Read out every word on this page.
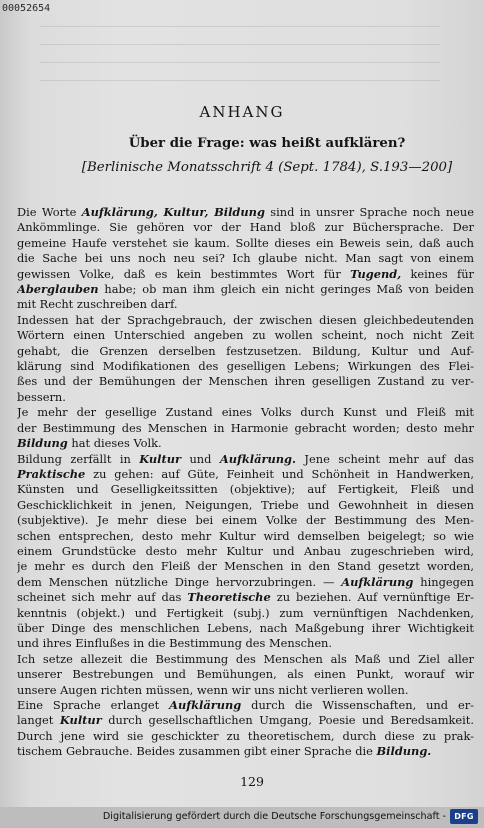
00052654
ANHANG
Über die Frage: was heißt aufklären?

[Berlinische Monatsschrift 4 (Sept. 1784), S.193—200]

Die Worte Aufklärung, Kultur, Bildung sind in unsrer Sprache noch neue
Ankömmlinge. Sie gehören vor der Hand bloß zur Büchersprache. Der
gemeine Haufe verstehet sie kaum. Sollte dieses ein Beweis sein, daß auch
die Sache bei uns noch neu sei? Ich glaube nicht. Man sagt von einem
gewissen Volke, daß es kein bestimmtes Wort für Tugend, keines für
Aberglauben habe; ob man ihm gleich ein nicht geringes Maß von beiden
mit Recht zuschreiben darf.
Indessen hat der Sprachgebrauch, der zwischen diesen gleichbedeutenden
Wörtern einen Unterschied angeben zu wollen scheint, noch nicht Zeit
gehabt, die Grenzen derselben festzusetzen. Bildung, Kultur und Auf-
klärung sind Modifikationen des geselligen Lebens; Wirkungen des Flei-
ßes und der Bemühungen der Menschen ihren geselligen Zustand zu ver-
bessern.
Je mehr der gesellige Zustand eines Volks durch Kunst und Fleiß mit
der Bestimmung des Menschen in Harmonie gebracht worden; desto mehr
Bildung hat dieses Volk.
Bildung zerfällt in Kultur und Aufklärung. Jene scheint mehr auf das
Praktische zu gehen: auf Güte, Feinheit und Schönheit in Handwerken,
Künsten und Geselligkeitssitten (objektive); auf Fertigkeit, Fleiß und
Geschicklichkeit in jenen, Neigungen, Triebe und Gewohnheit in diesen
(subjektive). Je mehr diese bei einem Volke der Bestimmung des Men-
schen entsprechen, desto mehr Kultur wird demselben beigelegt; so wie
einem Grundstücke desto mehr Kultur und Anbau zugeschrieben wird,
je mehr es durch den Fleiß der Menschen in den Stand gesetzt worden,
dem Menschen nützliche Dinge hervorzubringen. — Aufklärung hingegen
scheinet sich mehr auf das Theoretische zu beziehen. Auf vernünftige Er-
kenntnis (objekt.) und Fertigkeit (subj.) zum vernünftigen Nachdenken,
über Dinge des menschlichen Lebens, nach Maßgebung ihrer Wichtigkeit
und ihres Einflußes in die Bestimmung des Menschen.
Ich setze allezeit die Bestimmung des Menschen als Maß und Ziel aller
unserer Bestrebungen und Bemühungen, als einen Punkt, worauf wir
unsere Augen richten müssen, wenn wir uns nicht verlieren wollen.
Eine Sprache erlanget Aufklärung durch die Wissenschaften, und er-
langet Kultur durch gesellschaftlichen Umgang, Poesie und Beredsamkeit.
Durch jene wird sie geschickter zu theoretischem, durch diese zu prak-
tischem Gebrauche. Beides zusammen gibt einer Sprache die Bildung.

129

Digitalisierung gefördert durch die Deutsche Forschungsgemeinschaft -	DFG
